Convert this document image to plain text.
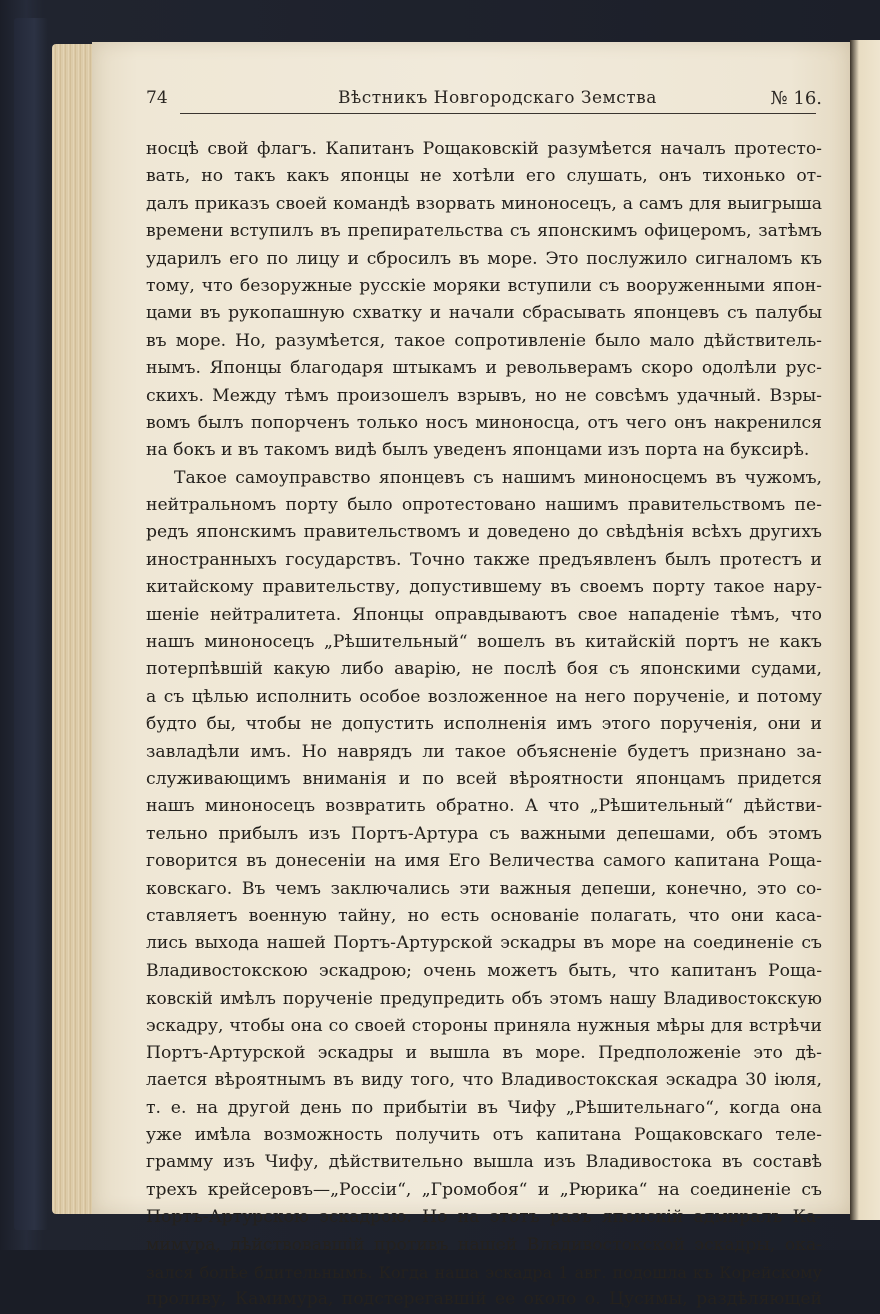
74	Вѣстникъ Новгородскаго Земства	№ 16.
носцѣ свой флагъ. Капитанъ Рощаковскій разумѣется началъ протесто-
вать, но такъ какъ японцы не хотѣли его слушать, онъ тихонько от-
далъ приказъ своей командѣ взорвать миноносецъ, а самъ для выигрыша
времени вступилъ въ препирательства съ японскимъ офицеромъ, затѣмъ
ударилъ его по лицу и сбросилъ въ море. Это послужило сигналомъ къ
тому, что безоружные русскіе моряки вступили съ вооруженными япон-
цами въ рукопашную схватку и начали сбрасывать японцевъ съ палубы
въ море. Но, разумѣется, такое сопротивленіе было мало дѣйствитель-
нымъ. Японцы благодаря штыкамъ и револьверамъ скоро одолѣли рус-
скихъ. Между тѣмъ произошелъ взрывъ, но не совсѣмъ удачный. Взры-
вомъ былъ попорченъ только носъ миноносца, отъ чего онъ накренился
на бокъ и въ такомъ видѣ былъ уведенъ японцами изъ порта на буксирѣ.
Такое самоуправство японцевъ съ нашимъ миноносцемъ въ чужомъ,
нейтральномъ порту было опротестовано нашимъ правительствомъ пе-
редъ японскимъ правительствомъ и доведено до свѣдѣнія всѣхъ другихъ
иностранныхъ государствъ. Точно также предъявленъ былъ протестъ и
китайскому правительству, допустившему въ своемъ порту такое нару-
шеніе нейтралитета. Японцы оправдываютъ свое нападеніе тѣмъ, что
нашъ миноносецъ „Рѣшительный“ вошелъ въ китайскій портъ не какъ
потерпѣвшій какую либо аварію, не послѣ боя съ японскими судами,
а съ цѣлью исполнить особое возложенное на него порученіе, и потому
будто бы, чтобы не допустить исполненія имъ этого порученія, они и
завладѣли имъ. Но наврядъ ли такое объясненіе будетъ признано за-
служивающимъ вниманія и по всей вѣроятности японцамъ придется
нашъ миноносецъ возвратить обратно. А что „Рѣшительный“ дѣйстви-
тельно прибылъ изъ Портъ-Артура съ важными депешами, объ этомъ
говорится въ донесеніи на имя Его Величества самого капитана Рощa-
ковскаго. Въ чемъ заключались эти важныя депеши, конечно, это со-
ставляетъ военную тайну, но есть основаніе полагать, что они каса-
лись выхода нашей Портъ-Артурской эскадры въ море на соединеніе съ
Владивостокскою эскадрою; очень можетъ быть, что капитанъ Рощa-
ковскій имѣлъ порученіе предупредить объ этомъ нашу Владивостокскую
эскадру, чтобы она со своей стороны приняла нужныя мѣры для встрѣчи
Портъ-Артурской эскадры и вышла въ море. Предположеніе это дѣ-
лается вѣроятнымъ въ виду того, что Владивостокская эскадра 30 іюля,
т. е. на другой день по прибытіи въ Чифу „Рѣшительнаго“, когда она
уже имѣла возможность получить отъ капитана Рощаковскаго теле-
грамму изъ Чифу, дѣйствительно вышла изъ Владивостока въ составѣ
трехъ крейсеровъ—„Россіи“, „Громобоя“ и „Рюрика“ на соединеніе съ
Портъ-Артурскою эскадрою. Но на этотъ разъ японскій адмиралъ Ка-
мимура, дѣйствовавшій противъ нашей Владивостокской эскадры, ока-
зался болѣе бдительнымъ. Когда наша эскадра 1 авг. подошла къ Корейскому
проливу, Камимура, подстерегавшій ее около о. Цусимы, раздѣляющей
